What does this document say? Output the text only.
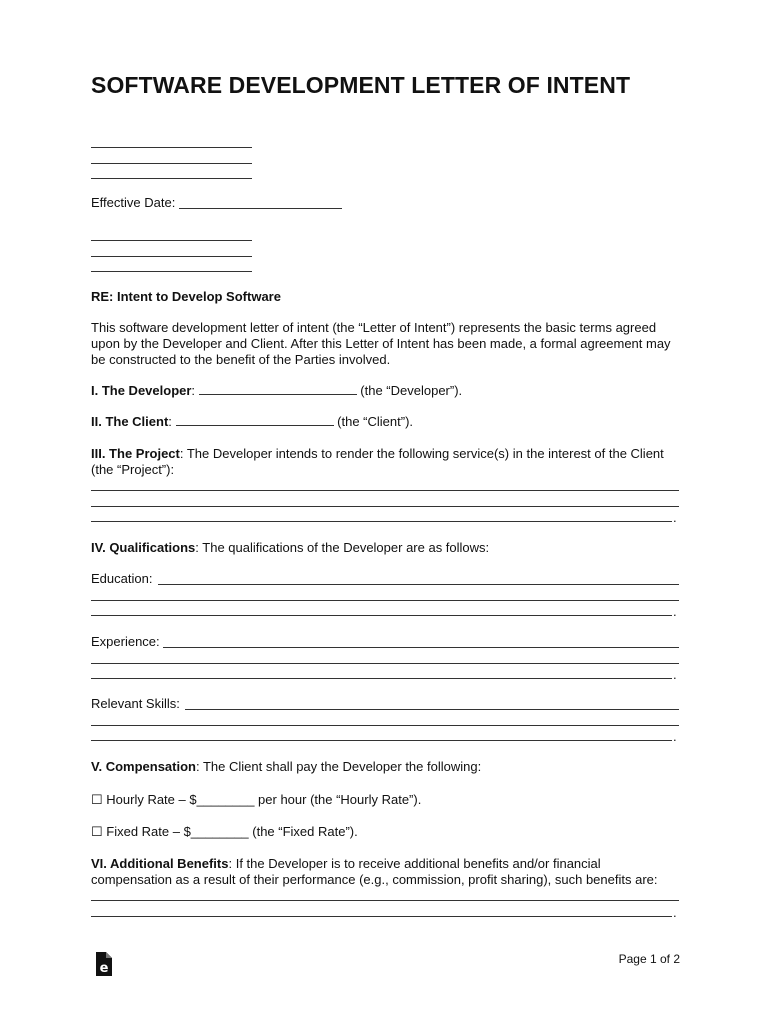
SOFTWARE DEVELOPMENT LETTER OF INTENT
Effective Date:
RE: Intent to Develop Software
This software development letter of intent (the “Letter of Intent”) represents the basic terms agreed upon by the Developer and Client. After this Letter of Intent has been made, a formal agreement may be constructed to the benefit of the Parties involved.
I. The Developer:	(the “Developer”).
II. The Client:	(the “Client”).
III. The Project: The Developer intends to render the following service(s) in the interest of the Client (the “Project”):
.
IV. Qualifications: The qualifications of the Developer are as follows:
Education:
.
Experience:
.
Relevant Skills:
.
V. Compensation: The Client shall pay the Developer the following:
☐ Hourly Rate – $________ per hour (the “Hourly Rate”).
☐ Fixed Rate – $________ (the “Fixed Rate”).
VI. Additional Benefits: If the Developer is to receive additional benefits and/or financial compensation as a result of their performance (e.g., commission, profit sharing), such benefits are:
.
e
Page 1 of 2
